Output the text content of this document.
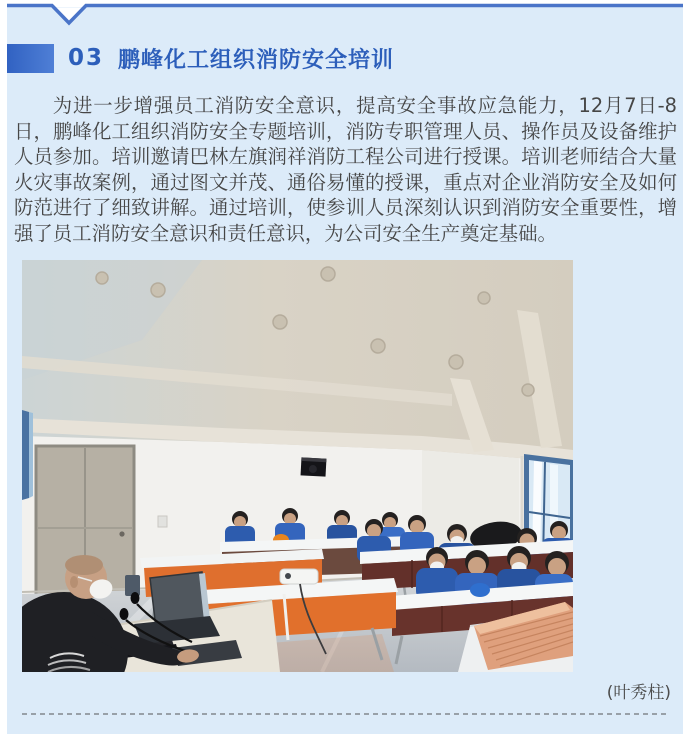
03 鹏峰化工组织消防安全培训

为进一步增强员工消防安全意识，提高安全事故应急能力，12月7日-8日，鹏峰化工组织消防安全专题培训，消防专职管理人员、操作员及设备维护人员参加。培训邀请巴林左旗润祥消防工程公司进行授课。培训老师结合大量火灾事故案例，通过图文并茂、通俗易懂的授课，重点对企业消防安全及如何防范进行了细致讲解。通过培训，使参训人员深刻认识到消防安全重要性，增强了员工消防安全意识和责任意识，为公司安全生产奠定基础。

(叶秀柱)
